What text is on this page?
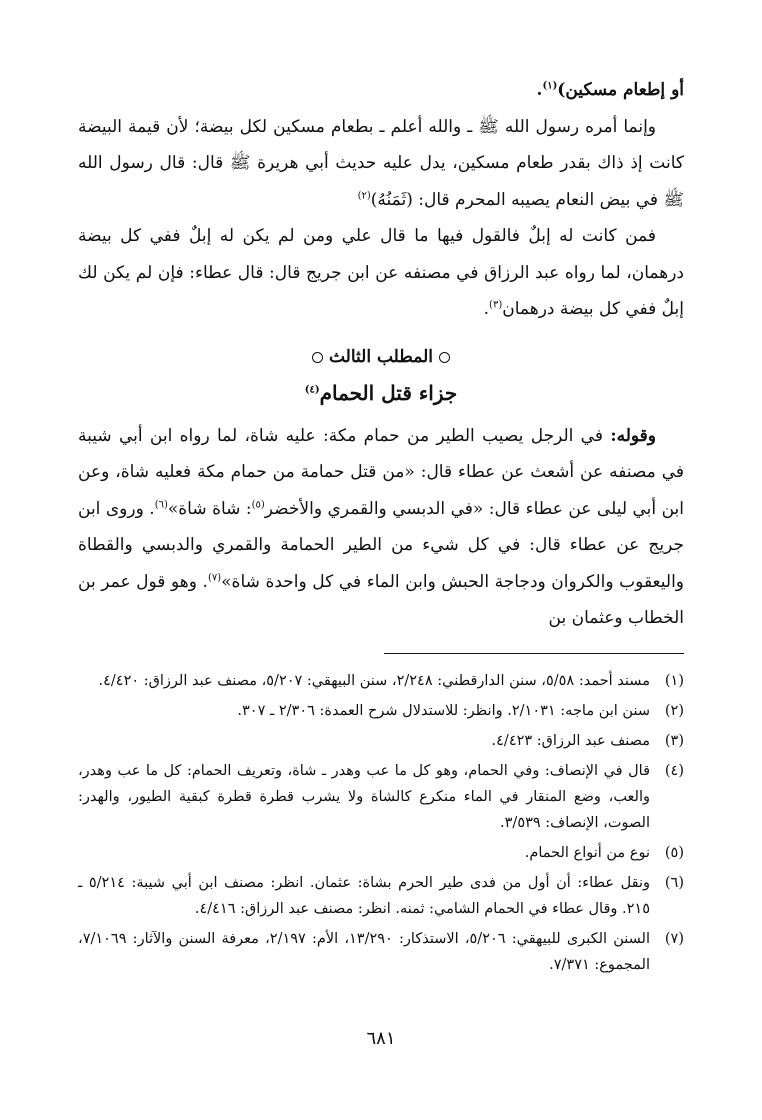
أو إطعام مسكين)$^{(١)}$.

وإنما أمره رسول الله ﷺ ـ والله أعلم ـ بطعام مسكين لكل بيضة؛ لأن قيمة البيضة كانت إذ ذاك بقدر طعام مسكين، يدل عليه حديث أبي هريرة ﷺ قال: قال رسول الله ﷺ في بيض النعام يصيبه المحرم قال: (ثَمَنُهُ)$^{(٢)}$

فمن كانت له إبلٌ فالقول فيها ما قال علي ومن لم يكن له إبلٌ ففي كل بيضة درهمان، لما رواه عبد الرزاق في مصنفه عن ابن جريج قال: قال عطاء: فإن لم يكن لك إبلٌ ففي كل بيضة درهمان$^{(٣)}$.

المطلب الثالث
جزاء قتل الحمام$^{(٤)}$

وقوله: في الرجل يصيب الطير من حمام مكة: عليه شاة، لما رواه ابن أبي شيبة في مصنفه عن أشعث عن عطاء قال: «من قتل حمامة من حمام مكة فعليه شاة، وعن ابن أبي ليلى عن عطاء قال: «في الدبسي والقمري والأخضر$^{(٥)}$: شاة شاة»$^{(٦)}$. وروى ابن جريج عن عطاء قال: في كل شيء من الطير الحمامة والقمري والدبسي والقطاة واليعقوب والكروان ودجاجة الحبش وابن الماء في كل واحدة شاة»$^{(٧)}$. وهو قول عمر بن الخطاب وعثمان بن

(١)
مسند أحمد: ٥/٥٨، سنن الدارقطني: ٢/٢٤٨، سنن البيهقي: ٥/٢٠٧، مصنف عبد الرزاق: ٤/٤٢٠.
(٢)
سنن ابن ماجه: ٢/١٠٣١. وانظر: للاستدلال شرح العمدة: ٢/٣٠٦ ـ ٣٠٧.
(٣)
مصنف عبد الرزاق: ٤/٤٢٣.
(٤)
قال في الإنصاف: وفي الحمام، وهو كل ما عب وهدر ـ شاة، وتعريف الحمام: كل ما عب وهدر، والعب، وضع المنقار في الماء منكرع كالشاة ولا يشرب قطرة قطرة كبقية الطيور، والهدر: الصوت، الإنصاف: ٣/٥٣٩.
(٥)
نوع من أنواع الحمام.
(٦)
ونقل عطاء: أن أول من فدى طير الحرم بشاة: عثمان. انظر: مصنف ابن أبي شيبة: ٥/٢١٤ ـ ٢١٥. وقال عطاء في الحمام الشامي: ثمنه. انظر: مصنف عبد الرزاق: ٤/٤١٦.
(٧)
السنن الكبرى للبيهقي: ٥/٢٠٦، الاستذكار: ١٣/٢٩٠، الأم: ٢/١٩٧، معرفة السنن والآثار: ٧/١٠٦٩، المجموع: ٧/٣٧١.
٦٨١
